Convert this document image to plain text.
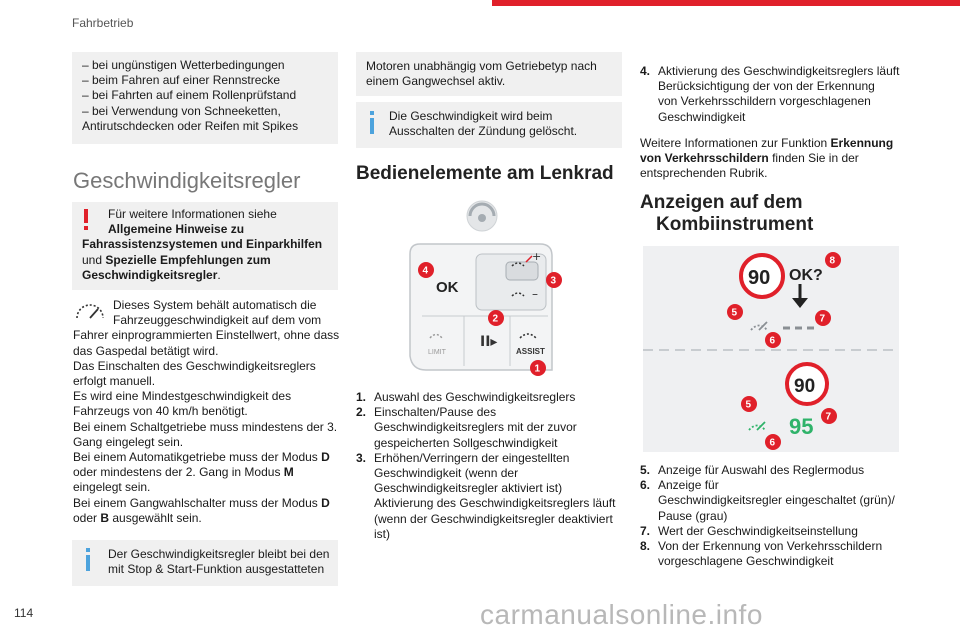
Fahrbetrieb
– bei ungünstigen Wetterbedingungen
– beim Fahren auf einer Rennstrecke
– bei Fahrten auf einem Rollenprüfstand
– bei Verwendung von Schneeketten,
Antirutschdecken oder Reifen mit Spikes
Geschwindigkeitsregler
Für weitere Informationen siehe
Allgemeine Hinweise zu
Fahrassistenzsystemen und Einparkhilfen
und Spezielle Empfehlungen zum
Geschwindigkeitsregler.
Dieses System behält automatisch die
Fahrzeuggeschwindigkeit auf dem vom
Fahrer einprogrammierten Einstellwert, ohne dass
das Gaspedal betätigt wird.
Das Einschalten des Geschwindigkeitsreglers
erfolgt manuell.
Es wird eine Mindestgeschwindigkeit des
Fahrzeugs von 40 km/h benötigt.
Bei einem Schaltgetriebe muss mindestens der 3.
Gang eingelegt sein.
Bei einem Automatikgetriebe muss der Modus D
oder mindestens der 2. Gang in Modus M
eingelegt sein.
Bei einem Gangwahlschalter muss der Modus D
oder B ausgewählt sein.
Der Geschwindigkeitsregler bleibt bei den
mit Stop & Start-Funktion ausgestatteten
Motoren unabhängig vom Getriebetyp nach
einem Gangwechsel aktiv.
Die Geschwindigkeit wird beim
Ausschalten der Zündung gelöscht.
Bedienelemente am Lenkrad
+
–
OK
LIMIT
II▸
ASSIST
4
3
2
1
1. Auswahl des Geschwindigkeitsreglers
2. Einschalten/Pause des
Geschwindigkeitsreglers mit der zuvor
gespeicherten Sollgeschwindigkeit
3. Erhöhen/Verringern der eingestellten
Geschwindigkeit (wenn der
Geschwindigkeitsregler aktiviert ist)
Aktivierung des Geschwindigkeitsreglers läuft
(wenn der Geschwindigkeitsregler deaktiviert
ist)
4. Aktivierung des Geschwindigkeitsreglers läuft
Berücksichtigung der von der Erkennung
von Verkehrsschildern vorgeschlagenen
Geschwindigkeit
Weitere Informationen zur Funktion Erkennung
von Verkehrsschildern finden Sie in der
entsprechenden Rubrik.
Anzeigen auf dem
Kombiinstrument
90 OK?
90
95
8
5
7
6
5
7
6
5. Anzeige für Auswahl des Reglermodus
6. Anzeige für
Geschwindigkeitsregler eingeschaltet (grün)/
Pause (grau)
7. Wert der Geschwindigkeitseinstellung
8. Von der Erkennung von Verkehrsschildern
vorgeschlagene Geschwindigkeit
114	carmanualsonline.info
